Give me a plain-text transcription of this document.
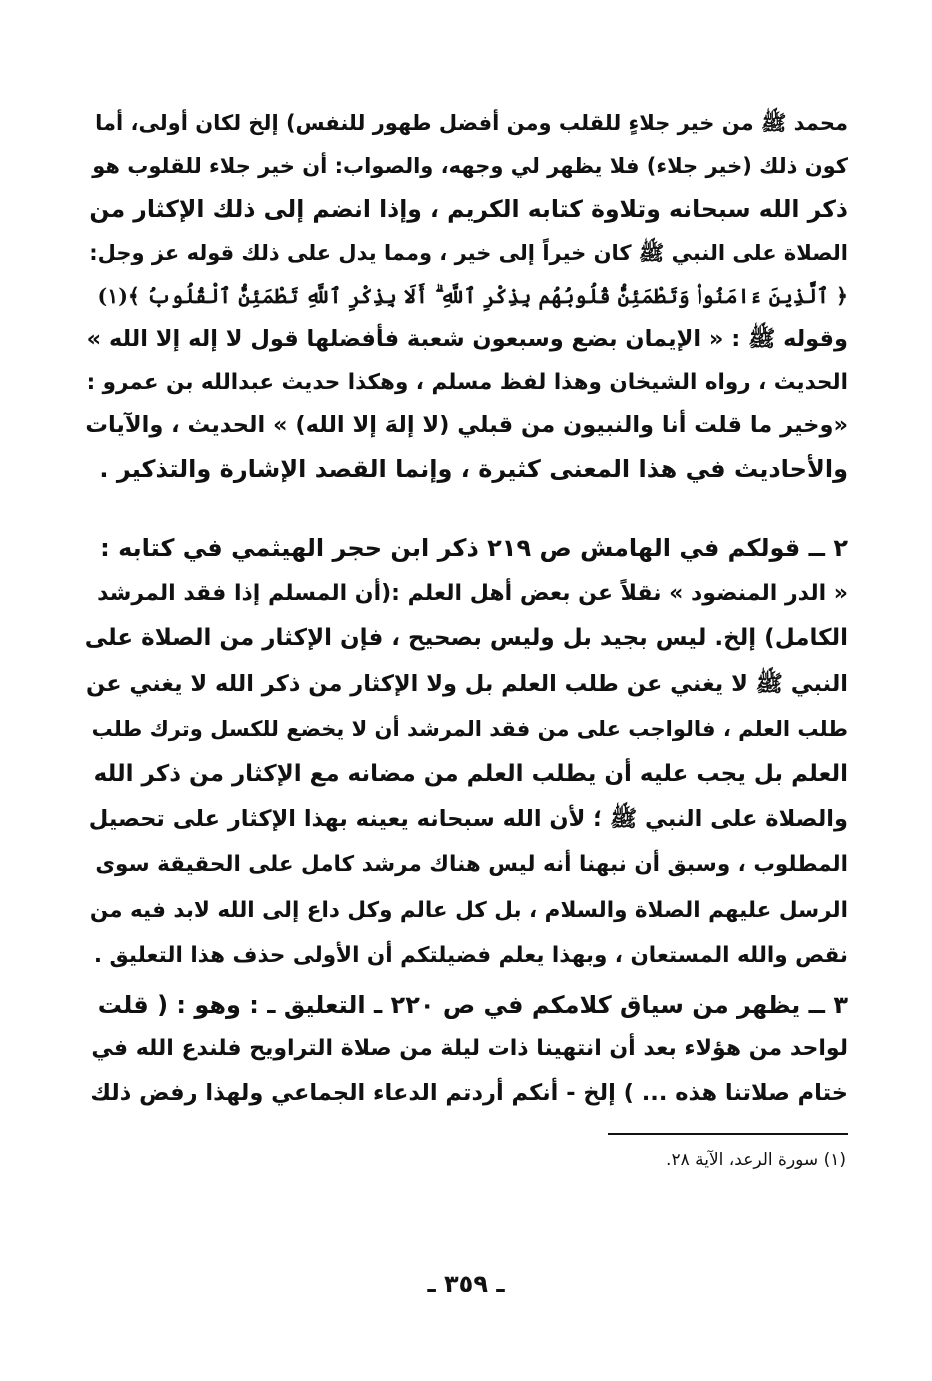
محمد ﷺ من خير جلاءٍ للقلب ومن أفضل طهور للنفس) إلخ لكان أولى، أما
كون ذلك (خير جلاء) فلا يظهر لي وجهه، والصواب: أن خير جلاء للقلوب هو
ذكر الله سبحانه وتلاوة كتابه الكريم ، وإذا انضم إلى ذلك الإكثار من
الصلاة على النبي ﷺ كان خيراً إلى خير ، ومما يدل على ذلك قوله عز وجل:
﴿ ٱلَّذِينَ ءَامَنُوا۟ وَتَطْمَئِنُّ قُلُوبُهُم بِذِكْرِ ٱللَّهِ ۗ أَلَا بِذِكْرِ ٱللَّهِ تَطْمَئِنُّ ٱلْقُلُوبُ ﴾(١)
وقوله ﷺ : « الإيمان بضع وسبعون شعبة فأفضلها قول لا إله إلا الله »
الحديث ، رواه الشيخان وهذا لفظ مسلم ، وهكذا حديث عبدالله بن عمرو :
«وخير ما قلت أنا والنبيون من قبلي (لا إلهَ إلا الله) » الحديث ، والآيات
والأحاديث في هذا المعنى كثيرة ، وإنما القصد الإشارة والتذكير .
٢ ــ قولكم في الهامش ص ٢١٩ ذكر ابن حجر الهيثمي في كتابه :
« الدر المنضود » نقلاً عن بعض أهل العلم :(أن المسلم إذا فقد المرشد
الكامل) إلخ. ليس بجيد بل وليس بصحيح ، فإن الإكثار من الصلاة على
النبي ﷺ لا يغني عن طلب العلم بل ولا الإكثار من ذكر الله لا يغني عن
طلب العلم ، فالواجب على من فقد المرشد أن لا يخضع للكسل وترك طلب
العلم بل يجب عليه أن يطلب العلم من مضانه مع الإكثار من ذكر الله
والصلاة على النبي ﷺ ؛ لأن الله سبحانه يعينه بهذا الإكثار على تحصيل
المطلوب ، وسبق أن نبهنا أنه ليس هناك مرشد كامل على الحقيقة سوى
الرسل عليهم الصلاة والسلام ، بل كل عالم وكل داع إلى الله لابد فيه من
نقص والله المستعان ، وبهذا يعلم فضيلتكم أن الأولى حذف هذا التعليق .
٣ ــ يظهر من سياق كلامكم في ص ٢٢٠ ـ التعليق ـ : وهو : ( قلت
لواحد من هؤلاء بعد أن انتهينا ذات ليلة من صلاة التراويح فلندع الله في
ختام صلاتنا هذه ... ) إلخ - أنكم أردتم الدعاء الجماعي ولهذا رفض ذلك
(١) سورة الرعد، الآية ٢٨.
ـ ٣٥٩ ـ
